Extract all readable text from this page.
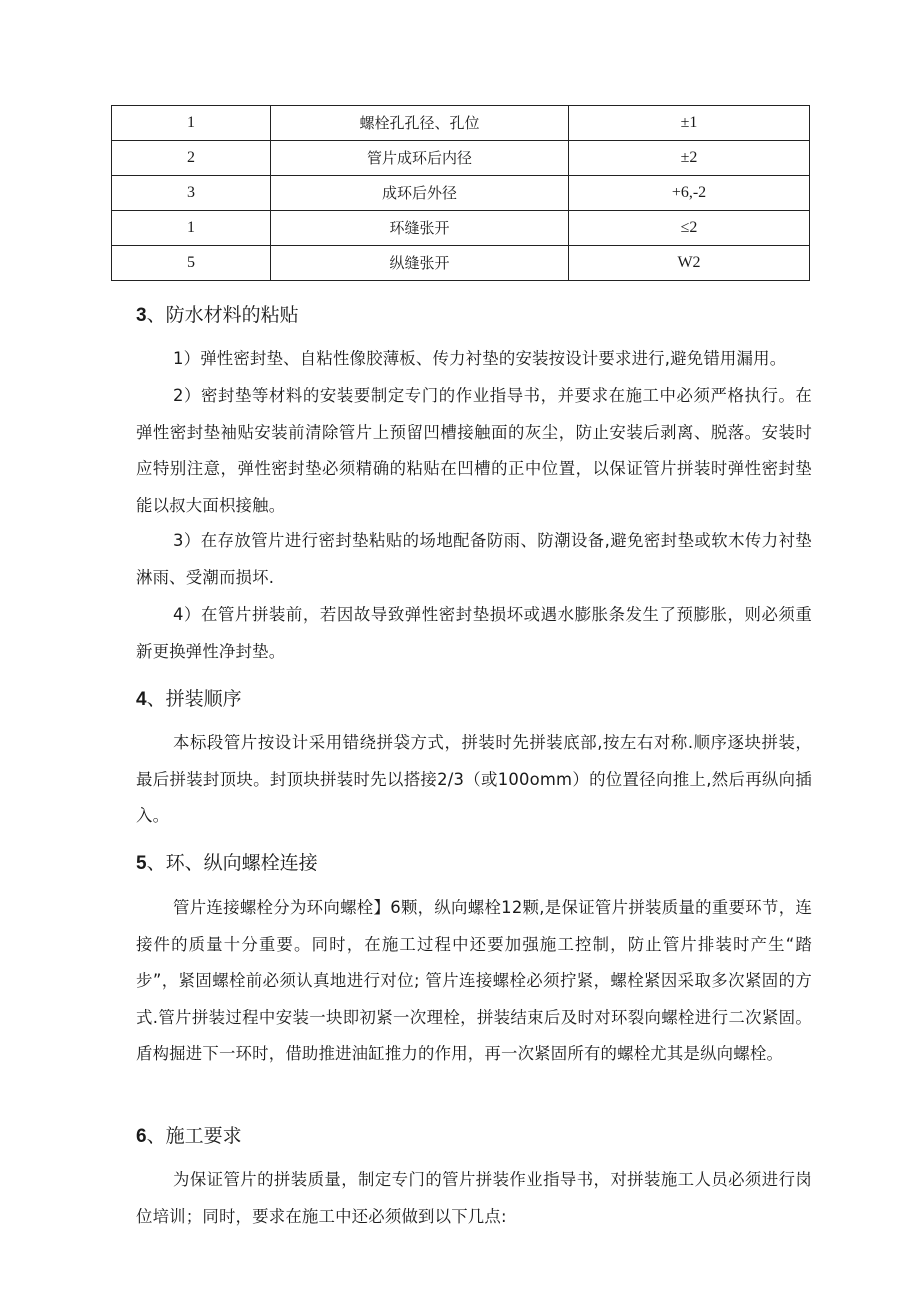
1	螺栓孔孔径、孔位	±1
2	管片成环后内径	±2
3	成环后外径	+6,-2
1	环缝张开	≤2
5	纵缝张开	W2
3、防水材料的粘贴

1）弹性密封垫、自粘性像胶薄板、传力衬垫的安装按设计要求进行,避免错用漏用。

2）密封垫等材料的安装要制定专门的作业指导书，并要求在施工中必须严格执行。在弹性密封垫袖贴安装前清除管片上预留凹槽接触面的灰尘，防止安装后剥离、脱落。安装时应特别注意，弹性密封垫必须精确的粘贴在凹槽的正中位置，以保证管片拼装时弹性密封垫能以叔大面枳接触。

3）在存放管片进行密封垫粘贴的场地配备防雨、防潮设备,避免密封垫或软木传力衬垫淋雨、受潮而损坏.

4）在管片拼装前，若因故导致弹性密封垫损坏或遇水膨胀条发生了预膨胀，则必须重新更换弹性净封垫。

4、拼装顺序

本标段管片按设计采用错绕拼袋方式，拼装时先拼装底部,按左右对称.顺序逐块拼装，最后拼装封顶块。封顶块拼装时先以搭接2/3（或100omm）的位置径向推上,然后再纵向插入。

5、环、纵向螺栓连接

管片连接螺栓分为环向螺栓】6颗，纵向螺栓12颗,是保证管片拼装质量的重要环节，连接件的质量十分重要。同时，在施工过程中还要加强施工控制，防止管片排装时产生“踏步”，紧固螺栓前必须认真地进行对位; 管片连接螺栓必须拧紧，螺栓紧因采取多次紧固的方式.管片拼装过程中安装一块即初紧一次理栓，拼装结束后及时对环裂向螺栓进行二次紧固。盾构掘进下一环时，借助推进油缸推力的作用，再一次紧固所有的螺栓尤其是纵向螺栓。

6、施工要求

为保证管片的拼装质量，制定专门的管片拼装作业指导书，对拼装施工人员必须进行岗位培训；同时，要求在施工中还必须做到以下几点:
